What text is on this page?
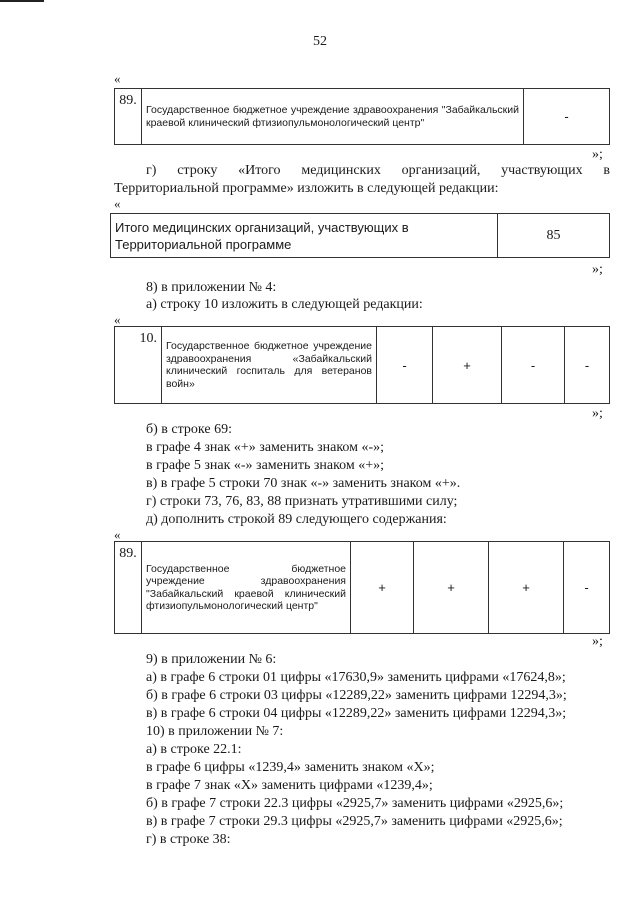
52
«
89.	Государственное бюджетное учреждение здравоохранения "Забайкальский краевой клинический фтизиопульмонологический центр"	-
»;
г) строку «Итого медицинских организаций, участвующих в
Территориальной программе» изложить в следующей редакции:
«
Итого медицинских организаций, участвующих в Территориальной программе	85
»;
8) в приложении № 4:
а) строку 10 изложить в следующей редакции:
«
10.	Государственное бюджетное учреждение здравоохранения «Забайкальский клинический госпиталь для ветеранов войн»	-	+	-	-
»;
б) в строке 69:
в графе 4 знак «+» заменить знаком «-»;
в графе 5 знак «-» заменить знаком «+»;
в) в графе 5 строки 70 знак «-» заменить знаком «+».
г) строки 73, 76, 83, 88 признать утратившими силу;
д) дополнить строкой 89 следующего содержания:
«
89.	Государственное бюджетное учреждение здравоохранения "Забайкальский краевой клинический фтизиопульмонологический центр"	+	+	+	-
»;
9) в приложении № 6:
а) в графе 6 строки 01 цифры «17630,9» заменить цифрами «17624,8»;
б) в графе 6 строки 03 цифры «12289,22» заменить цифрами 12294,3»;
в) в графе 6 строки 04 цифры «12289,22» заменить цифрами 12294,3»;
10) в приложении № 7:
а) в строке 22.1:
в графе 6 цифры «1239,4» заменить знаком «Х»;
в графе 7 знак «Х» заменить цифрами «1239,4»;
б) в графе 7 строки 22.3 цифры «2925,7» заменить цифрами «2925,6»;
в) в графе 7 строки 29.3 цифры «2925,7» заменить цифрами «2925,6»;
г) в строке 38:
